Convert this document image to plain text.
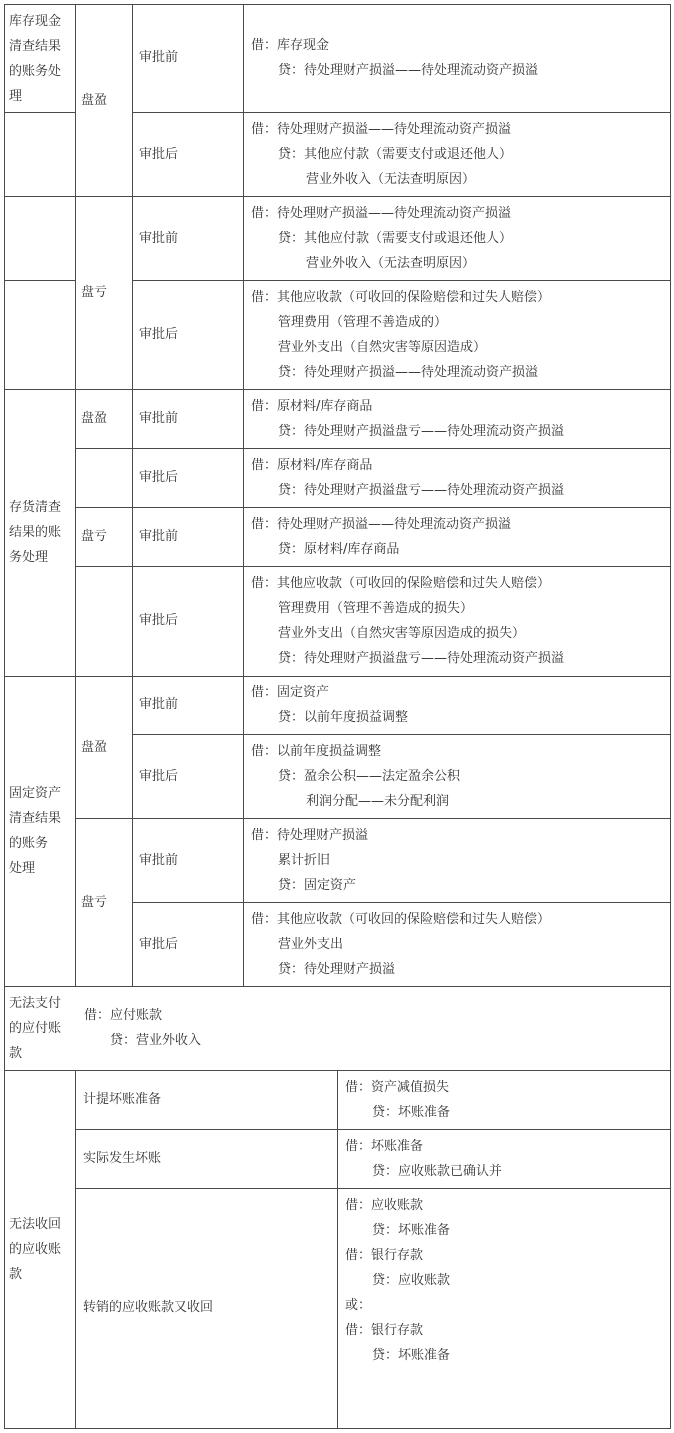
库存现金
清查结果
的账务处
理	盘盈
盘亏
审批前
借：库存现金
贷：待处理财产损溢——待处理流动资产损溢
审批后
借：待处理财产损溢——待处理流动资产损溢
贷：其他应付款（需要支付或退还他人）
营业外收入（无法查明原因）
审批前
借：待处理财产损溢——待处理流动资产损溢
贷：其他应付款（需要支付或退还他人）
营业外收入（无法查明原因）
审批后
借：其他应收款（可收回的保险赔偿和过失人赔偿）
管理费用（管理不善造成的）
营业外支出（自然灾害等原因造成）
贷：待处理财产损溢——待处理流动资产损溢
存货清查
结果的账
务处理
盘盈
盘亏
审批前
借：原材料/库存商品
贷：待处理财产损溢盘亏——待处理流动资产损溢
审批后
借：原材料/库存商品
贷：待处理财产损溢盘亏——待处理流动资产损溢
审批前
借：待处理财产损溢——待处理流动资产损溢
贷：原材料/库存商品
审批后
借：其他应收款（可收回的保险赔偿和过失人赔偿）
管理费用（管理不善造成的损失）
营业外支出（自然灾害等原因造成的损失）
贷：待处理财产损溢盘亏——待处理流动资产损溢
固定资产
清查结果
的账务
处理
盘盈
盘亏
审批前
借：固定资产
贷：以前年度损益调整
审批后
借：以前年度损益调整
贷：盈余公积——法定盈余公积
利润分配——未分配利润
审批前
借：待处理财产损溢
累计折旧
贷：固定资产
审批后
借：其他应收款（可收回的保险赔偿和过失人赔偿）
营业外支出
贷：待处理财产损溢
无法支付
的应付账
款
借：应付账款
贷：营业外收入
无法收回
的应收账
款
计提坏账准备
借：资产减值损失
贷：坏账准备
实际发生坏账
借：坏账准备
贷：应收账款已确认并
转销的应收账款又收回
借：应收账款
贷：坏账准备
借：银行存款
贷：应收账款
或：
借：银行存款
贷：坏账准备
